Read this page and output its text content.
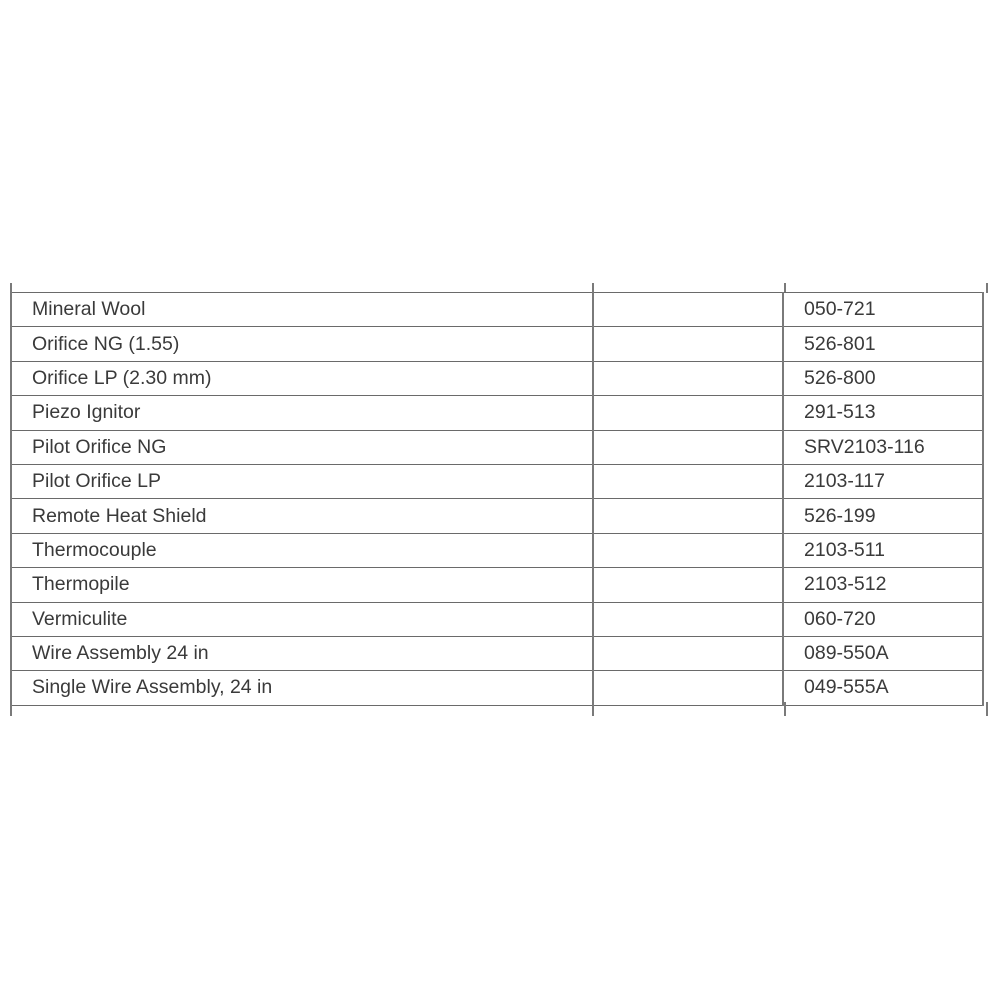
Mineral Wool		050-721
Orifice NG (1.55)		526-801
Orifice LP (2.30 mm)		526-800
Piezo Ignitor		291-513
Pilot Orifice NG		SRV2103-116
Pilot Orifice LP		2103-117
Remote Heat Shield		526-199
Thermocouple		2103-511
Thermopile		2103-512
Vermiculite		060-720
Wire Assembly 24 in		089-550A
Single Wire Assembly, 24 in		049-555A
